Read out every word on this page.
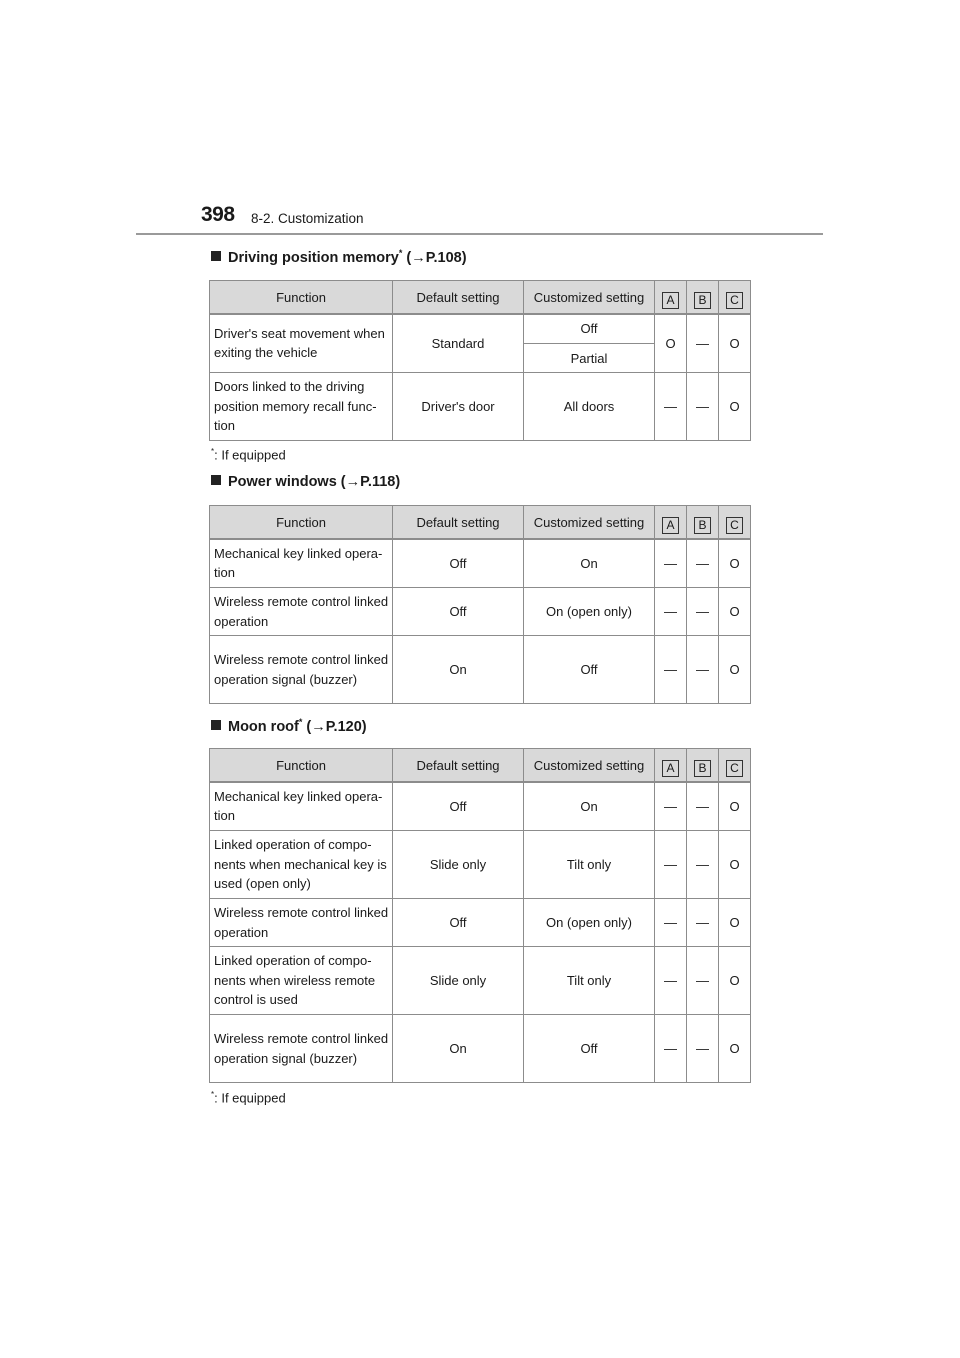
398 8-2. Customization
Driving position memory* (→P.108)
Function	Default setting	Customized setting	A	B	C
Driver's seat movement when exiting the vehicle	Standard	Off	O	—	O
		Partial			
Doors linked to the driving position memory recall func-tion	Driver's door	All doors	—	—	O
*: If equipped
Power windows (→P.118)
Function	Default setting	Customized setting	A	B	C
Mechanical key linked opera-tion	Off	On	—	—	O
Wireless remote control linked operation	Off	On (open only)	—	—	O
Wireless remote control linked operation signal (buzzer)	On	Off	—	—	O
Moon roof* (→P.120)
Function	Default setting	Customized setting	A	B	C
Mechanical key linked opera-tion	Off	On	—	—	O
Linked operation of compo-nents when mechanical key is used (open only)	Slide only	Tilt only	—	—	O
Wireless remote control linked operation	Off	On (open only)	—	—	O
Linked operation of compo-nents when wireless remote control is used	Slide only	Tilt only	—	—	O
Wireless remote control linked operation signal (buzzer)	On	Off	—	—	O
*: If equipped
